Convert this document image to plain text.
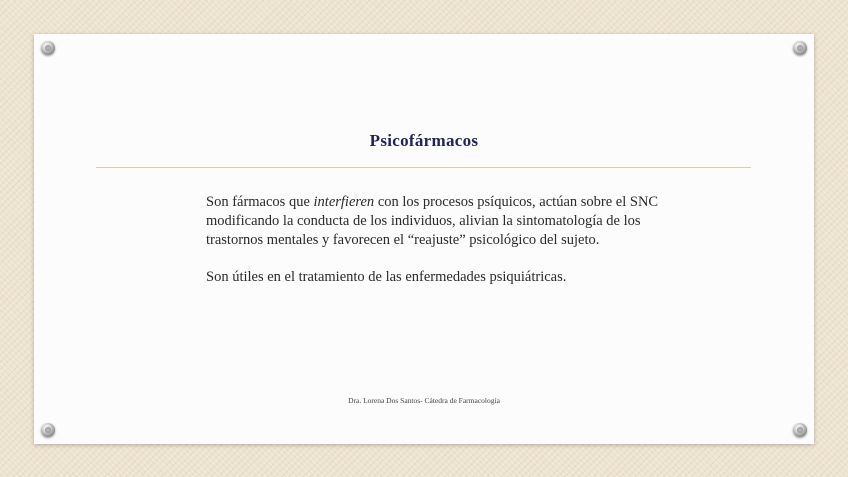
Psicofármacos

Son fármacos que interfieren con los procesos psíquicos, actúan sobre el SNC modificando la conducta de los individuos, alivian la sintomatología de los trastornos mentales y favorecen el “reajuste” psicológico del sujeto.

Son útiles en el tratamiento de las enfermedades psiquiátricas.

Dra. Lorena Dos Santos- Cátedra de Farmacología
